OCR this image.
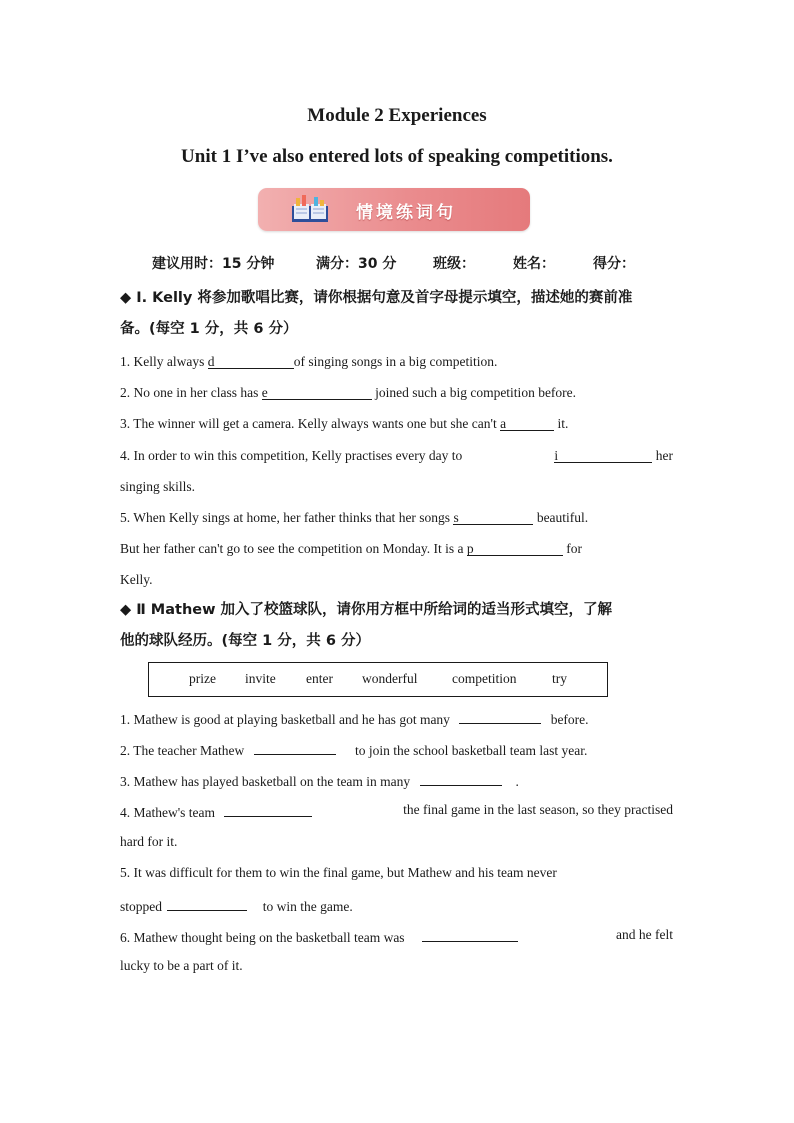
Module 2 Experiences
Unit 1 I’ve also entered lots of speaking competitions.
情境练词句
建议用时：15 分钟	满分：30 分	班级：	姓名：	得分：
◆ I. Kelly 将参加歌唱比赛，请你根据句意及首字母提示填空，描述她的赛前准
备。(每空 1 分，共 6 分）
1. Kelly always d	of singing songs in a big competition.
2. No one in her class has e	joined such a big competition before.
3. The winner will get a camera. Kelly always wants one but she can't a	it.
4. In order to win this competition, Kelly practises every day to	i	her
singing skills.
5. When Kelly sings at home, her father thinks that her songs s	beautiful.
But her father can't go to see the competition on Monday. It is a p	for
Kelly.
◆ Ⅱ Mathew 加入了校篮球队，请你用方框中所给词的适当形式填空，了解
他的球队经历。(每空 1 分，共 6 分）
prize invite enter wonderful	competition	try
1. Mathew is good at playing basketball and he has got many	before.
2. The teacher Mathew	to join the school basketball team last year.
3. Mathew has played basketball on the team in many	.
4. Mathew's team	the final game in the last season, so they practised
hard for it.
5. It was difficult for them to win the final game, but Mathew and his team never
stopped	to win the game.
6. Mathew thought being on the basketball team was	and he felt
lucky to be a part of it.
